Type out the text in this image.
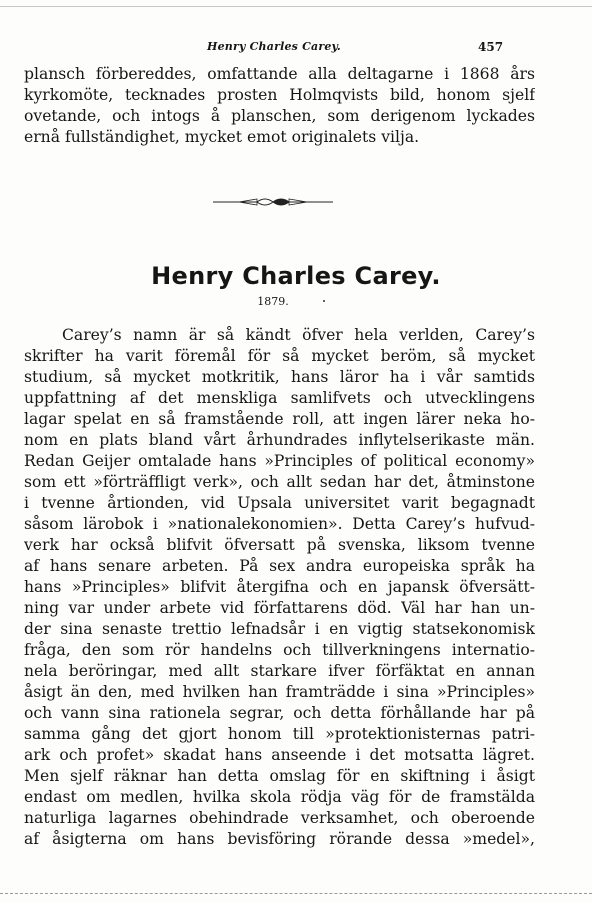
Henry Charles Carey.	457
plansch förbereddes, omfattande alla deltagarne i 1868 års
kyrkomöte, tecknades prosten Holmqvists bild, honom sjelf
ovetande, och intogs å planschen, som derigenom lyckades
ernå fullständighet, mycket emot originalets vilja.
Henry Charles Carey.
1879.
Carey’s namn är så kändt öfver hela verlden, Carey’s
skrifter ha varit föremål för så mycket beröm, så mycket
studium, så mycket motkritik, hans läror ha i vår samtids
uppfattning af det menskliga samlifvets och utvecklingens
lagar spelat en så framstående roll, att ingen lärer neka ho-
nom en plats bland vårt århundrades inflytelserikaste män.
Redan Geijer omtalade hans »Principles of political economy»
som ett »förträffligt verk», och allt sedan har det, åtminstone
i tvenne årtionden, vid Upsala universitet varit begagnadt
såsom lärobok i »nationalekonomien». Detta Carey’s hufvud-
verk har också blifvit öfversatt på svenska, liksom tvenne
af hans senare arbeten. På sex andra europeiska språk ha
hans »Principles» blifvit återgifna och en japansk öfversätt-
ning var under arbete vid författarens död. Väl har han un-
der sina senaste trettio lefnadsår i en vigtig statsekonomisk
fråga, den som rör handelns och tillverkningens internatio-
nela beröringar, med allt starkare ifver förfäktat en annan
åsigt än den, med hvilken han framträdde i sina »Principles»
och vann sina rationela segrar, och detta förhållande har på
samma gång det gjort honom till »protektionisternas patri-
ark och profet» skadat hans anseende i det motsatta lägret.
Men sjelf räknar han detta omslag för en skiftning i åsigt
endast om medlen, hvilka skola rödja väg för de framstälda
naturliga lagarnes obehindrade verksamhet, och oberoende
af åsigterna om hans bevisföring rörande dessa »medel»,
